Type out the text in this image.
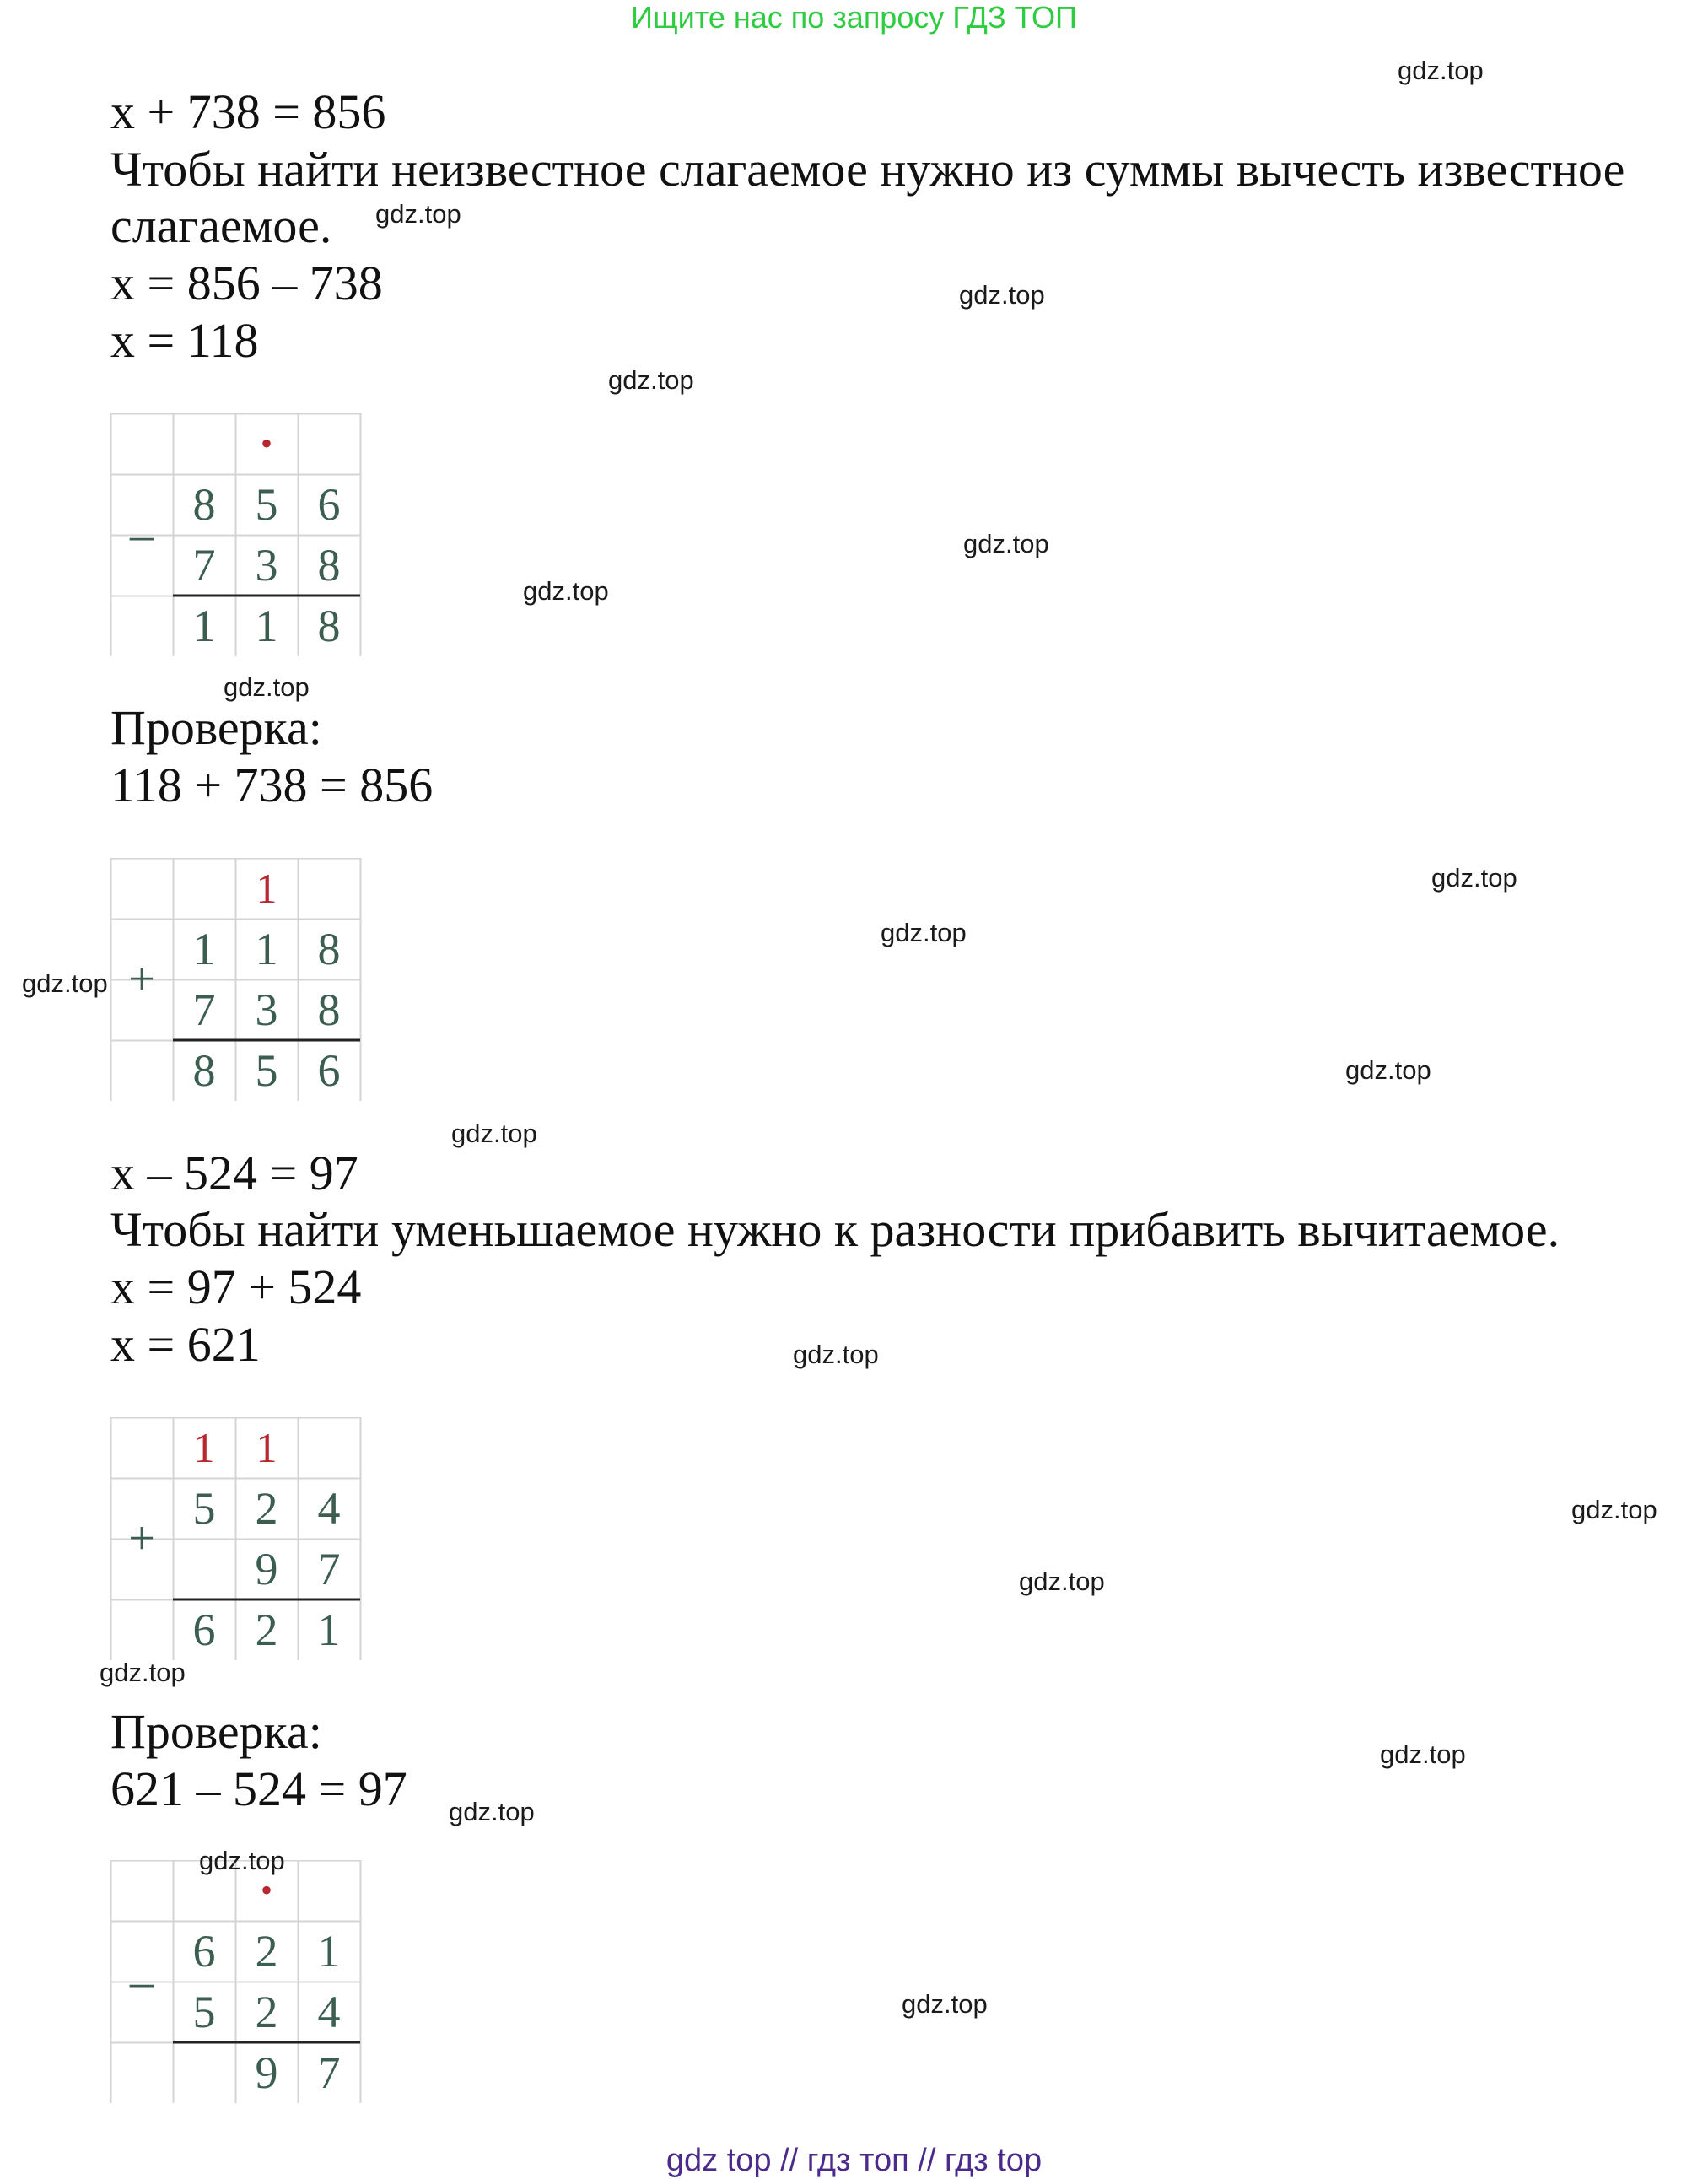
Ищите нас по запросу ГДЗ ТОП
x + 738 = 856
Чтобы найти неизвестное слагаемое нужно из суммы вычесть известное
слагаемое.
x = 856 – 738
x = 118
–
•
8 5 6
7 3 8
1 1 8
Проверка:
118 + 738 = 856
+
1
1 1 8
7 3 8
8 5 6
x – 524 = 97
Чтобы найти уменьшаемое нужно к разности прибавить вычитаемое.
x = 97 + 524
x = 621
+
1 1
5 2 4
9 7
6 2 1
Проверка:
621 – 524 = 97
–
•
6 2 1
5 2 4
9 7
gdz.top
gdz.top
gdz.top
gdz.top
gdz.top
gdz.top
gdz.top
gdz.top
gdz.top
gdz.top
gdz.top
gdz.top
gdz.top
gdz.top
gdz.top
gdz.top
gdz.top
gdz.top
gdz.top
gdz.top
gdz top // гдз топ // гдз top
